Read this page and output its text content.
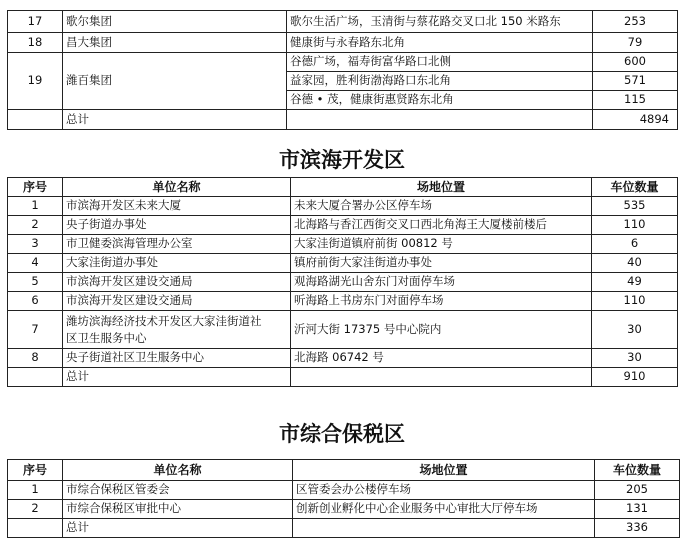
17	歌尔集团	歌尔生活广场，玉清街与蔡花路交叉口北 150 米路东	253
18	昌大集团	健康街与永春路东北角	79
19	潍百集团	谷德广场，福寿街富华路口北侧	600
		益家园，胜利街渤海路口东北角	571
		谷德 • 茂，健康街惠贤路东北角	115
	总计		4894
市滨海开发区
序号	单位名称	场地位置	车位数量
1	市滨海开发区未来大厦	未来大厦合署办公区停车场	535
2	央子街道办事处	北海路与香江西街交叉口西北角海王大厦楼前楼后	110
3	市卫健委滨海管理办公室	大家洼街道镇府前街 00812 号	6
4	大家洼街道办事处	镇府前街大家洼街道办事处	40
5	市滨海开发区建设交通局	观海路湖光山舍东门对面停车场	49
6	市滨海开发区建设交通局	听海路上书房东门对面停车场	110
7	潍坊滨海经济技术开发区大家洼街道社
区卫生服务中心	沂河大街 17375 号中心院内	30
8	央子街道社区卫生服务中心	北海路 06742 号	30
	总计		910
市综合保税区
序号	单位名称	场地位置	车位数量
1	市综合保税区管委会	区管委会办公楼停车场	205
2	市综合保税区审批中心	创新创业孵化中心企业服务中心审批大厅停车场	131
	总计		336
